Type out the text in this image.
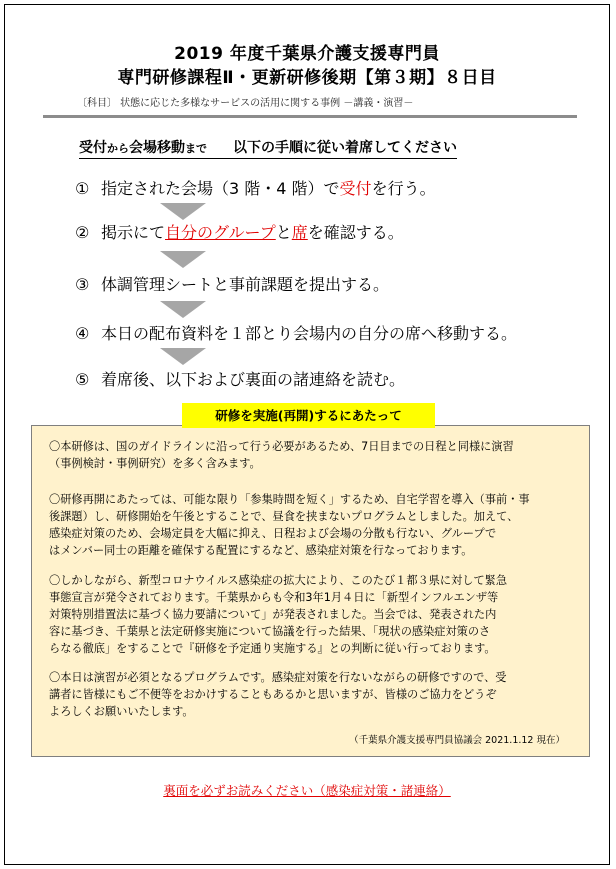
2019 年度千葉県介護支援専門員
専門研修課程Ⅱ・更新研修後期【第３期】８日目
〔科目〕 状態に応じた多様なサービスの活用に関する事例 －講義・演習－
受付から会場移動まで 以下の手順に従い着席してください
① 指定された会場（3 階・4 階）で受付を行う。
② 掲示にて自分のグループと席を確認する。
③ 体調管理シートと事前課題を提出する。
④ 本日の配布資料を１部とり会場内の自分の席へ移動する。
⑤ 着席後、以下および裏面の諸連絡を読む。
研修を実施(再開)するにあたって
〇本研修は、国のガイドラインに沿って行う必要があるため、7日目までの日程と同様に演習
（事例検討・事例研究）を多く含みます。
〇研修再開にあたっては、可能な限り「参集時間を短く」するため、自宅学習を導入（事前・事
後課題）し、研修開始を午後とすることで、昼食を挟まないプログラムとしました。加えて、
感染症対策のため、会場定員を大幅に抑え、日程および会場の分散も行ない、グループで
はメンバー同士の距離を確保する配置にするなど、感染症対策を行なっております。
〇しかしながら、新型コロナウイルス感染症の拡大により、このたび１都３県に対して緊急
事態宣言が発令されております。千葉県からも令和3年1月４日に「新型インフルエンザ等
対策特別措置法に基づく協力要請について」が発表されました。当会では、発表された内
容に基づき、千葉県と法定研修実施について協議を行った結果、「現状の感染症対策のさ
らなる徹底」をすることで『研修を予定通り実施する』との判断に従い行っております。
〇本日は演習が必須となるプログラムです。感染症対策を行ないながらの研修ですので、受
講者に皆様にもご不便等をおかけすることもあるかと思いますが、皆様のご協力をどうぞ
よろしくお願いいたします。
（千葉県介護支援専門員協議会 2021.1.12 現在）
裏面を必ずお読みください（感染症対策・諸連絡）
